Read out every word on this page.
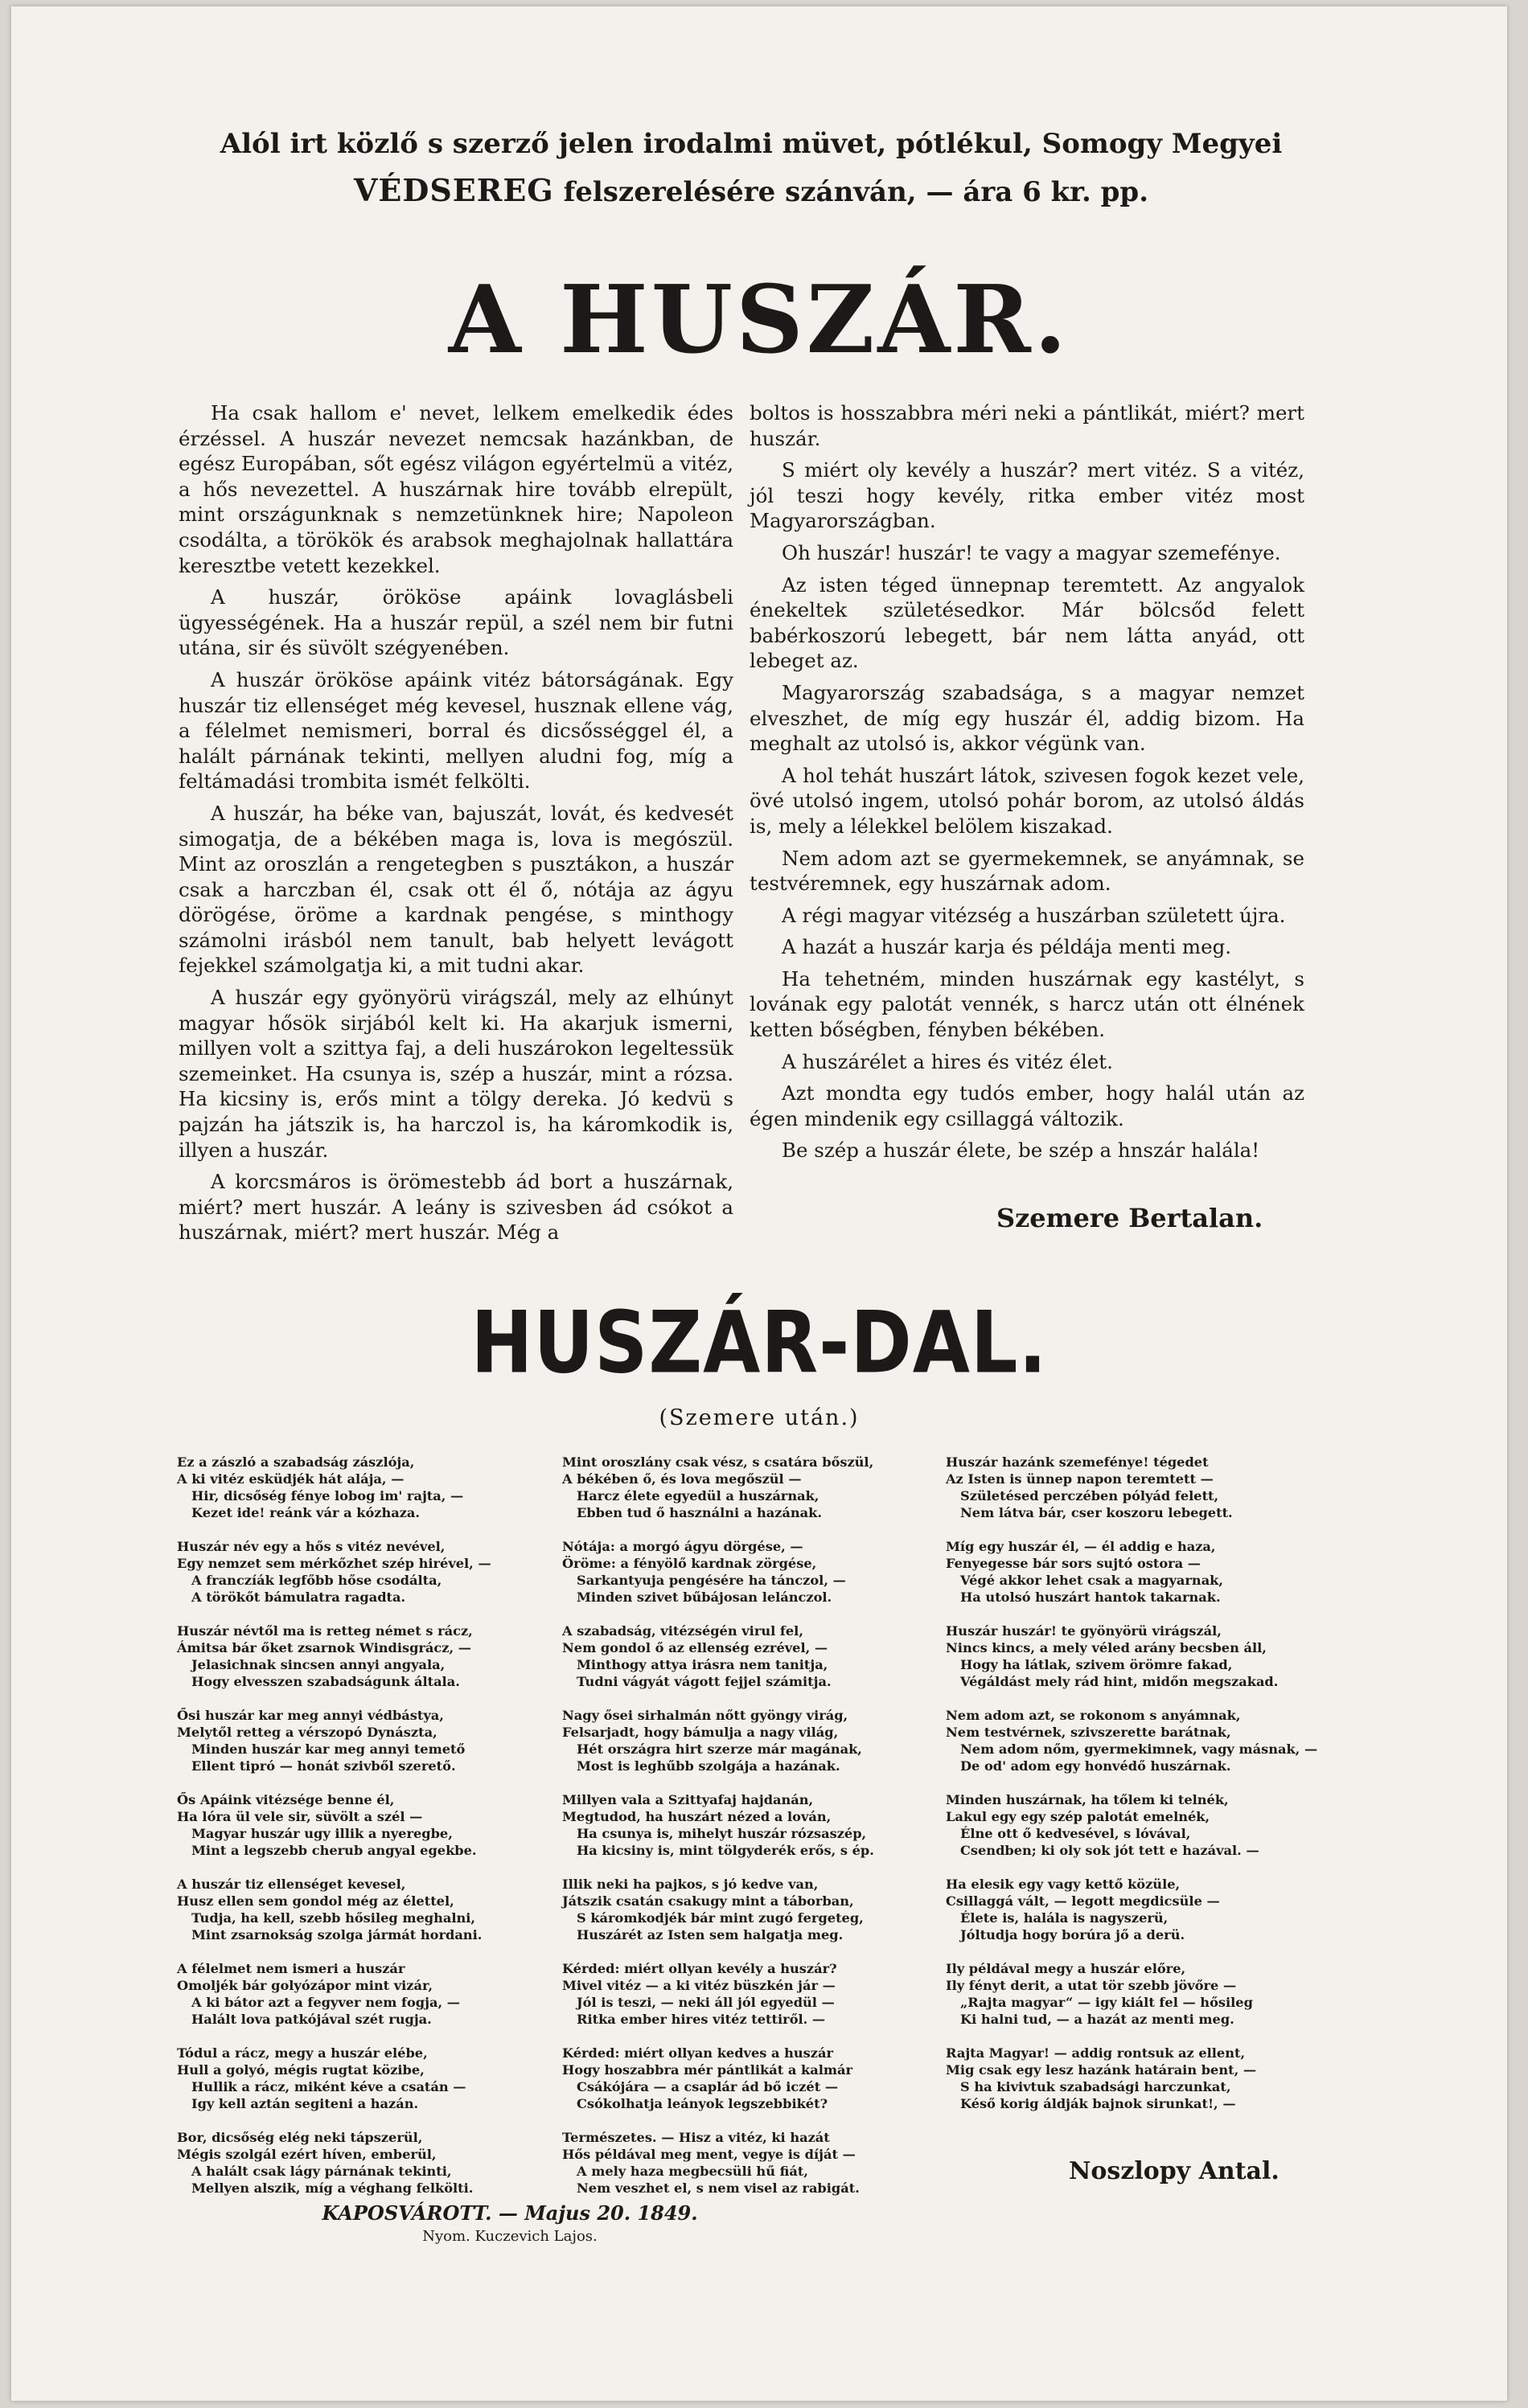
Alól irt közlő s szerző jelen irodalmi müvet, pótlékul, Somogy Megyei
VÉDSEREG felszerelésére szánván, — ára 6 kr. pp.
A HUSZÁR.

Ha csak hallom e' nevet, lelkem emelkedik édes érzéssel. A huszár nevezet nemcsak hazánkban, de egész Europában, sőt egész világon egyértelmü a vitéz, a hős nevezettel. A huszárnak hire tovább elrepült, mint országunknak s nemzetünknek hire; Napoleon csodálta, a törökök és arabsok meghajolnak hallattára keresztbe vetett kezekkel.

A huszár, örököse apáink lovaglásbeli ügyességének. Ha a huszár repül, a szél nem bir futni utána, sir és süvölt szégyenében.

A huszár örököse apáink vitéz bátorságának. Egy huszár tiz ellenséget még kevesel, husznak ellene vág, a félelmet nemismeri, borral és dicsősséggel él, a halált párnának tekinti, mellyen aludni fog, míg a feltámadási trombita ismét felkölti.

A huszár, ha béke van, bajuszát, lovát, és kedvesét simogatja, de a békében maga is, lova is megószül. Mint az oroszlán a rengetegben s pusztákon, a huszár csak a harczban él, csak ott él ő, nótája az ágyu dörögése, öröme a kardnak pengése, s minthogy számolni irásból nem tanult, bab helyett levágott fejekkel számolgatja ki, a mit tudni akar.

A huszár egy gyönyörü virágszál, mely az elhúnyt magyar hősök sirjából kelt ki. Ha akarjuk ismerni, millyen volt a szittya faj, a deli huszárokon legeltessük szemeinket. Ha csunya is, szép a huszár, mint a rózsa. Ha kicsiny is, erős mint a tölgy dereka. Jó kedvü s pajzán ha játszik is, ha harczol is, ha káromkodik is, illyen a huszár.

A korcsmáros is örömestebb ád bort a huszárnak, miért? mert huszár. A leány is szivesben ád csókot a huszárnak, miért? mert huszár. Még a

boltos is hosszabbra méri neki a pántlikát, miért? mert huszár.

S miért oly kevély a huszár? mert vitéz. S a vitéz, jól teszi hogy kevély, ritka ember vitéz most Magyarországban.

Oh huszár! huszár! te vagy a magyar szemefénye.

Az isten téged ünnepnap teremtett. Az angyalok énekeltek születésedkor. Már bölcsőd felett babérkoszorú lebegett, bár nem látta anyád, ott lebeget az.

Magyarország szabadsága, s a magyar nemzet elveszhet, de míg egy huszár él, addig bizom. Ha meghalt az utolsó is, akkor végünk van.

A hol tehát huszárt látok, szivesen fogok kezet vele, övé utolsó ingem, utolsó pohár borom, az utolsó áldás is, mely a lélekkel belölem kiszakad.

Nem adom azt se gyermekemnek, se anyámnak, se testvéremnek, egy huszárnak adom.

A régi magyar vitézség a huszárban született újra.

A hazát a huszár karja és példája menti meg.

Ha tehetném, minden huszárnak egy kastélyt, s lovának egy palotát vennék, s harcz után ott élnének ketten bőségben, fényben békében.

A huszárélet a hires és vitéz élet.

Azt mondta egy tudós ember, hogy halál után az égen mindenik egy csillaggá változik.

Be szép a huszár élete, be szép a hnszár halála!

Szemere Bertalan.
HUSZÁR-DAL.
(Szemere után.)
Ez a zászló a szabadság zászlója,
A ki vitéz esküdjék hát alája, —
Hir, dicsőség fénye lobog im' rajta, —
Kezet ide! reánk vár a kózhaza.
Huszár név egy a hős s vitéz nevével,
Egy nemzet sem mérkőzhet szép hirével, —
A franczíák legfőbb hőse csodálta,
A törökőt bámulatra ragadta.
Huszár névtől ma is retteg német s rácz,
Ámitsa bár őket zsarnok Windisgrácz, —
Jelasichnak sincsen annyi angyala,
Hogy elvesszen szabadságunk általa.
Ősi huszár kar meg annyi védbástya,
Melytől retteg a vérszopó Dynászta,
Minden huszár kar meg annyi temető
Ellent tipró — honát szivből szerető.
Ős Apáink vitézsége benne él,
Ha lóra ül vele sir, süvölt a szél —
Magyar huszár ugy illik a nyeregbe,
Mint a legszebb cherub angyal egekbe.
A huszár tiz ellenséget kevesel,
Husz ellen sem gondol még az élettel,
Tudja, ha kell, szebb hősileg meghalni,
Mint zsarnokság szolga jármát hordani.
A félelmet nem ismeri a huszár
Omoljék bár golyózápor mint vizár,
A ki bátor azt a fegyver nem fogja, —
Halált lova patkójával szét rugja.
Tódul a rácz, megy a huszár elébe,
Hull a golyó, mégis rugtat közibe,
Hullik a rácz, miként kéve a csatán —
Igy kell aztán segiteni a hazán.
Bor, dicsőség elég neki tápszerül,
Mégis szolgál ezért híven, emberül,
A halált csak lágy párnának tekinti,
Mellyen alszik, míg a véghang felkölti.
Mint oroszlány csak vész, s csatára bőszül,
A békében ő, és lova megőszül —
Harcz élete egyedül a huszárnak,
Ebben tud ő használni a hazának.
Nótája: a morgó ágyu dörgése, —
Öröme: a fényölő kardnak zörgése,
Sarkantyuja pengésére ha tánczol, —
Minden szivet bűbájosan lelánczol.
A szabadság, vitézségén virul fel,
Nem gondol ő az ellenség ezrével, —
Minthogy attya irásra nem tanitja,
Tudni vágyát vágott fejjel számitja.
Nagy ősei sirhalmán nőtt gyöngy virág,
Felsarjadt, hogy bámulja a nagy világ,
Hét országra hirt szerze már magának,
Most is leghűbb szolgája a hazának.
Millyen vala a Szittyafaj hajdanán,
Megtudod, ha huszárt nézed a lován,
Ha csunya is, mihelyt huszár rózsaszép,
Ha kicsiny is, mint tölgyderék erős, s ép.
Illik neki ha pajkos, s jó kedve van,
Játszik csatán csakugy mint a táborban,
S káromkodjék bár mint zugó fergeteg,
Huszárét az Isten sem halgatja meg.
Kérded: miért ollyan kevély a huszár?
Mivel vitéz — a ki vitéz büszkén jár —
Jól is teszi, — neki áll jól egyedül —
Ritka ember hires vitéz tettiről. —
Kérded: miért ollyan kedves a huszár
Hogy hoszabbra mér pántlikát a kalmár
Csákójára — a csaplár ád bő iczét —
Csókolhatja leányok legszebbikét?
Természetes. — Hisz a vitéz, ki hazát
Hős példával meg ment, vegye is díját —
A mely haza megbecsüli hű fiát,
Nem veszhet el, s nem visel az rabigát.
Huszár hazánk szemefénye! tégedet
Az Isten is ünnep napon teremtett —
Születésed perczében pólyád felett,
Nem látva bár, cser koszoru lebegett.
Míg egy huszár él, — él addig e haza,
Fenyegesse bár sors sujtó ostora —
Végé akkor lehet csak a magyarnak,
Ha utolsó huszárt hantok takarnak.
Huszár huszár! te gyönyörü virágszál,
Nincs kincs, a mely véled arány becsben áll,
Hogy ha látlak, szivem örömre fakad,
Végáldást mely rád hint, midőn megszakad.
Nem adom azt, se rokonom s anyámnak,
Nem testvérnek, szivszerette barátnak,
Nem adom nőm, gyermekimnek, vagy másnak, —
De od' adom egy honvédő huszárnak.
Minden huszárnak, ha tőlem ki telnék,
Lakul egy egy szép palotát emelnék,
Élne ott ő kedvesével, s lóvával,
Csendben; ki oly sok jót tett e hazával. —
Ha elesik egy vagy kettő közüle,
Csillaggá vált, — legott megdicsüle —
Élete is, halála is nagyszerü,
Jóltudja hogy borúra jő a derü.
Ily példával megy a huszár előre,
Ily fényt derit, a utat tör szebb jövőre —
„Rajta magyar“ — igy kiált fel — hősileg
Ki halni tud, — a hazát az menti meg.
Rajta Magyar! — addig rontsuk az ellent,
Mig csak egy lesz hazánk határain bent, —
S ha kivivtuk szabadsági harczunkat,
Késő korig áldják bajnok sirunkat!, —
Noszlopy Antal.
KAPOSVÁROTT. — Majus 20. 1849.
Nyom. Kuczevich Lajos.
